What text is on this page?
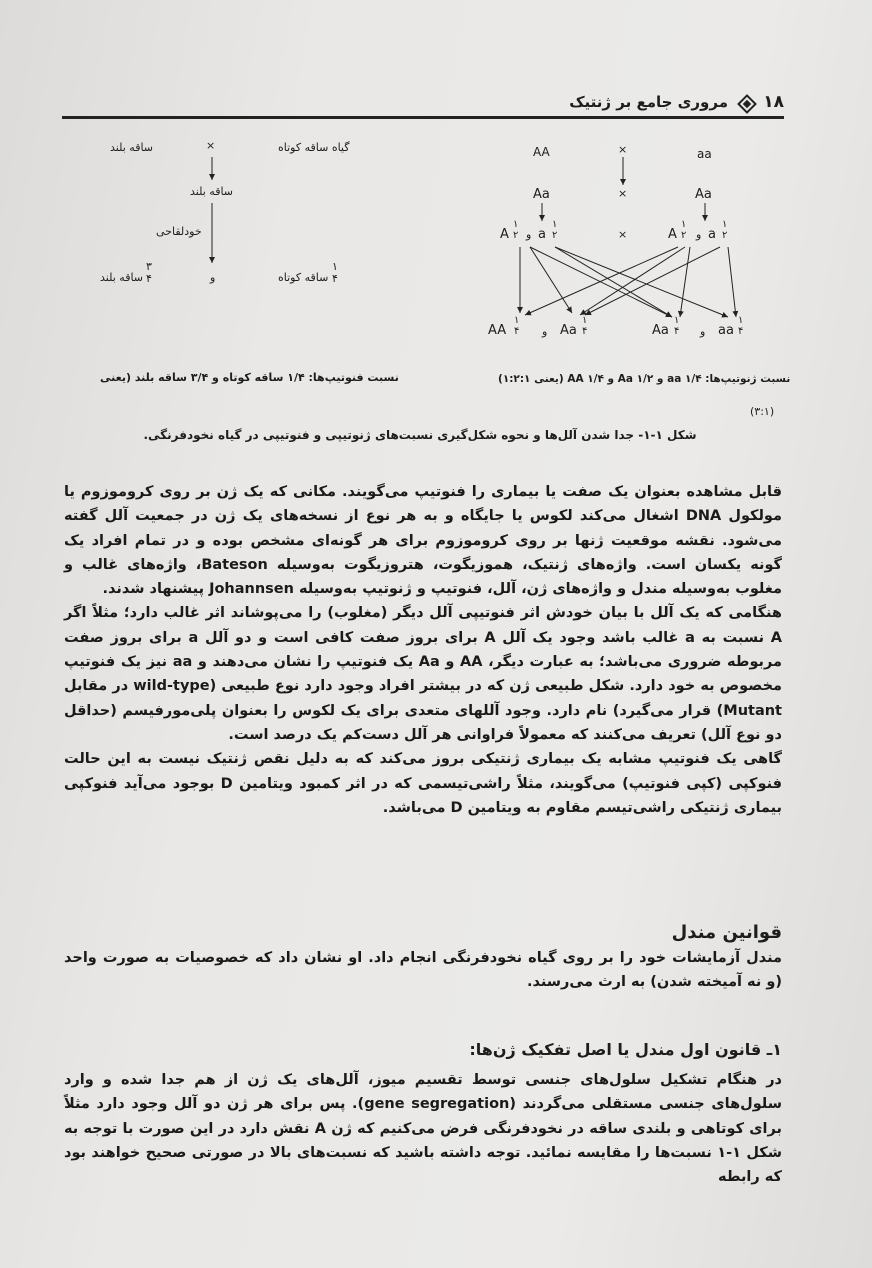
۱۸
مروری جامع بر ژنتیک
×
ساقه بلند	گیاه ساقه کوتاه
ساقه بلند
خودلقاحی
۳
۴
ساقه بلند	و
۱
۴
ساقه کوتاه
نسبت فنوتیپ‌ها: ۱/۴ ساقه کوتاه و ۳/۴ ساقه بلند (یعنی
AA	×	aa
Aa	×	Aa
A
۱
۲ و a
۱
۲	×	A
۱
۲ و a
۱
۲
AA
۱
۴ و Aa
۱
۴	Aa
۱
۴ و aa
۱
۴
نسبت ژنوتیپ‌ها: ۱/۴ aa و ۱/۲ Aa و ۱/۴ AA (یعنی ۱:۲:۱)
(۳:۱)
شکل ۱-۱- جدا شدن آلل‌ها و نحوه شکل‌گیری نسبت‌های ژنوتیپی و فنوتیپی در گیاه نخودفرنگی.

قابل مشاهده بعنوان یک صفت یا بیماری را فنوتیپ می‌گویند. مکانی که یک ژن بر روی کروموزوم یا مولکول DNA اشغال می‌کند لکوس یا جایگاه و به هر نوع از نسخه‌های یک ژن در جمعیت آلل گفته می‌شود. نقشه موقعیت ژنها بر روی کروموزوم برای هر گونه‌ای مشخص بوده و در تمام افراد یک گونه یکسان است. واژه‌های ژنتیک، هموزیگوت، هتروزیگوت به‌وسیله Bateson، واژه‌های غالب و مغلوب به‌وسیله مندل و واژه‌های ژن، آلل، فنوتیپ و ژنوتیپ به‌وسیله Johannsen پیشنهاد شدند.

هنگامی که یک آلل با بیان خودش اثر فنوتیپی آلل دیگر (مغلوب) را می‌پوشاند اثر غالب دارد؛ مثلاً اگر A نسبت به a غالب باشد وجود یک آلل A برای بروز صفت کافی است و دو آلل a برای بروز صفت مربوطه ضروری می‌باشد؛ به عبارت دیگر، AA و Aa یک فنوتیپ را نشان می‌دهند و aa نیز یک فنوتیپ مخصوص به خود دارد. شکل طبیعی ژن که در بیشتر افراد وجود دارد نوع طبیعی (wild-type در مقابل Mutant) قرار می‌گیرد) نام دارد. وجود آللهای متعدی برای یک لکوس را بعنوان پلی‌مورفیسم (حداقل دو نوع آلل) تعریف می‌کنند که معمولاً فراوانی هر آلل دست‌کم یک درصد است.

گاهی یک فنوتیپ مشابه یک بیماری ژنتیکی بروز می‌کند که به دلیل نقص ژنتیک نیست به این حالت فنوکپی (کپی فنوتیپ) می‌گویند، مثلاً راشی‌تیسمی که در اثر کمبود ویتامین D بوجود می‌آید فنوکپی بیماری ژنتیکی راشی‌تیسم مقاوم به ویتامین D می‌باشد.

قوانین مندل
مندل آزمایشات خود را بر روی گیاه نخودفرنگی انجام داد. او نشان داد که خصوصیات به صورت واحد (و نه آمیخته شدن) به ارث می‌رسند.
۱ـ قانون اول مندل یا اصل تفکیک ژن‌ها:
در هنگام تشکیل سلول‌های جنسی توسط تقسیم میوز، آلل‌های یک ژن از هم جدا شده و وارد سلول‌های جنسی مستقلی می‌گردند (gene segregation). پس برای هر ژن دو آلل وجود دارد مثلاً برای کوتاهی و بلندی ساقه در نخودفرنگی فرض می‌کنیم که ژن A نقش دارد در این صورت با توجه به شکل ۱-۱ نسبت‌ها را مقایسه نمائید. توجه داشته باشید که نسبت‌های بالا در صورتی صحیح خواهند بود که رابطه
